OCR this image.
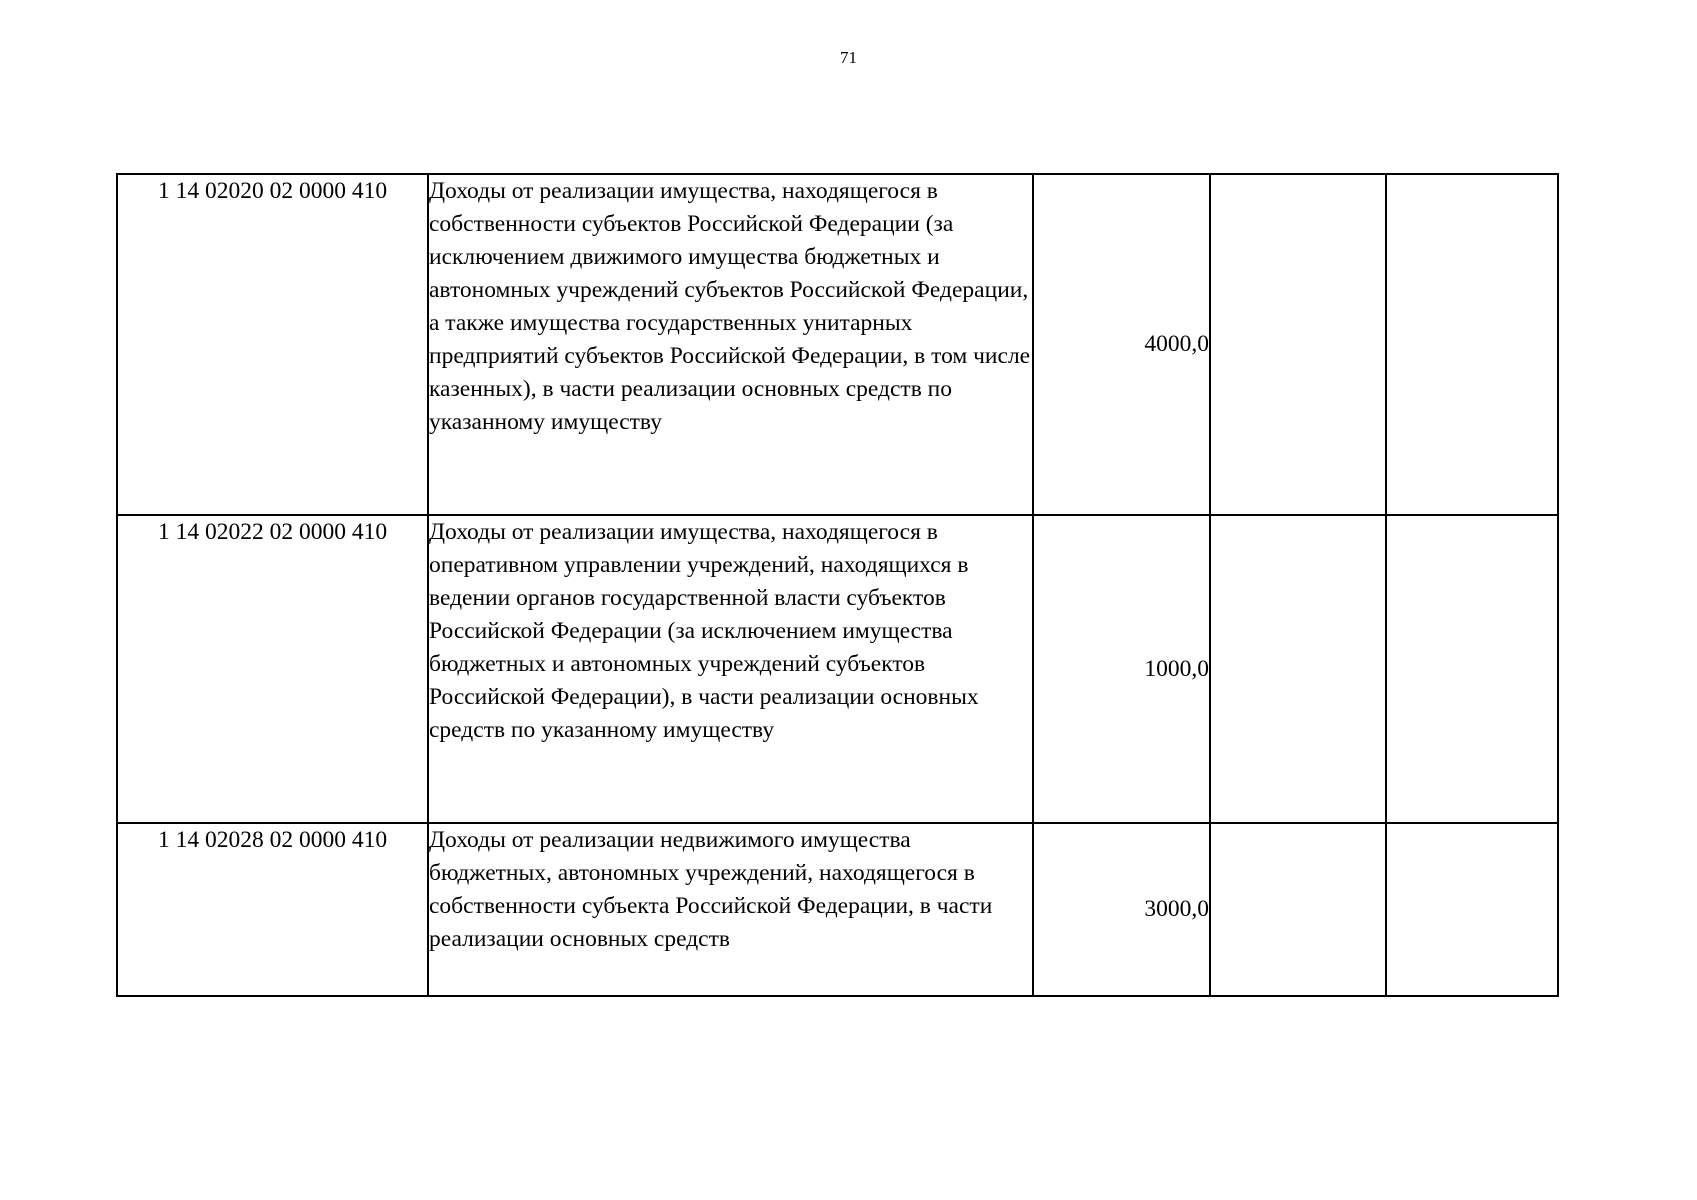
71
1 14 02020 02 0000 410	Доходы от реализации имущества, находящегося в собственности субъектов Российской Федерации (за исключением движимого имущества бюджетных и автономных учреждений субъектов Российской Федерации, а также имущества государственных унитарных предприятий субъектов Российской Федерации, в том числе казенных), в части реализации основных средств по указанному имуществу	4000,0		
1 14 02022 02 0000 410	Доходы от реализации имущества, находящегося в оперативном управлении учреждений, находящихся в ведении органов государственной власти субъектов Российской Федерации (за исключением имущества бюджетных и автономных учреждений субъектов Российской Федерации), в части реализации основных средств по указанному имуществу	1000,0		
1 14 02028 02 0000 410	Доходы от реализации недвижимого имущества бюджетных, автономных учреждений, находящегося в собственности субъекта Российской Федерации, в части реализации основных средств	3000,0		
